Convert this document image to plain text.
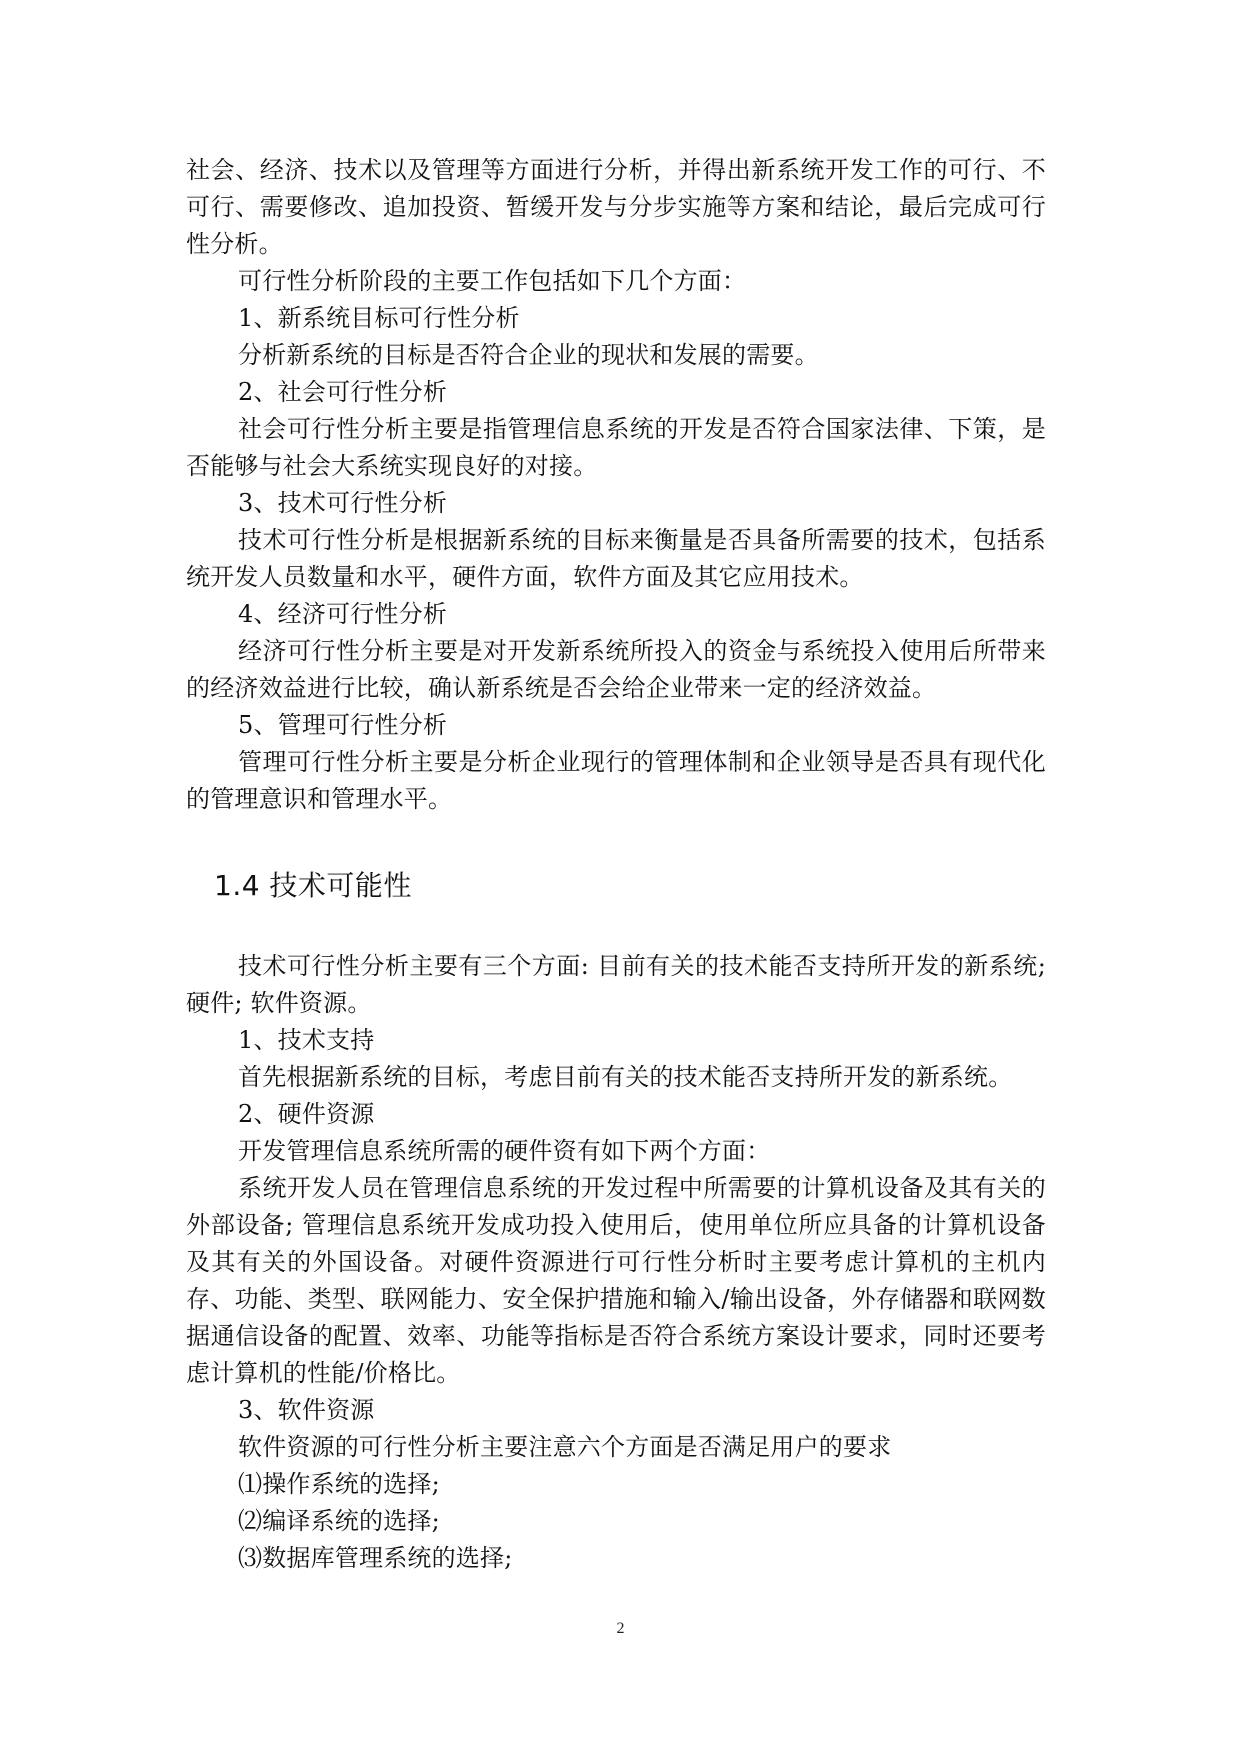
社会、经济、技术以及管理等方面进行分析，并得出新系统开发工作的可行、不可行、需要修改、追加投资、暂缓开发与分步实施等方案和结论，最后完成可行性分析。

可行性分析阶段的主要工作包括如下几个方面：

1、新系统目标可行性分析

分析新系统的目标是否符合企业的现状和发展的需要。

2、社会可行性分析

社会可行性分析主要是指管理信息系统的开发是否符合国家法律、下策，是否能够与社会大系统实现良好的对接。

3、技术可行性分析

技术可行性分析是根据新系统的目标来衡量是否具备所需要的技术，包括系统开发人员数量和水平，硬件方面，软件方面及其它应用技术。

4、经济可行性分析

经济可行性分析主要是对开发新系统所投入的资金与系统投入使用后所带来的经济效益进行比较，确认新系统是否会给企业带来一定的经济效益。

5、管理可行性分析

管理可行性分析主要是分析企业现行的管理体制和企业领导是否具有现代化的管理意识和管理水平。

1.4 技术可能性

技术可行性分析主要有三个方面: 目前有关的技术能否支持所开发的新系统; 硬件; 软件资源。

1、技术支持

首先根据新系统的目标，考虑目前有关的技术能否支持所开发的新系统。

2、硬件资源

开发管理信息系统所需的硬件资有如下两个方面：

系统开发人员在管理信息系统的开发过程中所需要的计算机设备及其有关的外部设备; 管理信息系统开发成功投入使用后，使用单位所应具备的计算机设备及其有关的外国设备。对硬件资源进行可行性分析时主要考虑计算机的主机内存、功能、类型、联网能力、安全保护措施和输入/输出设备，外存储器和联网数据通信设备的配置、效率、功能等指标是否符合系统方案设计要求，同时还要考虑计算机的性能/价格比。

3、软件资源

软件资源的可行性分析主要注意六个方面是否满足用户的要求

⑴操作系统的选择;

⑵编译系统的选择;

⑶数据库管理系统的选择;

2
